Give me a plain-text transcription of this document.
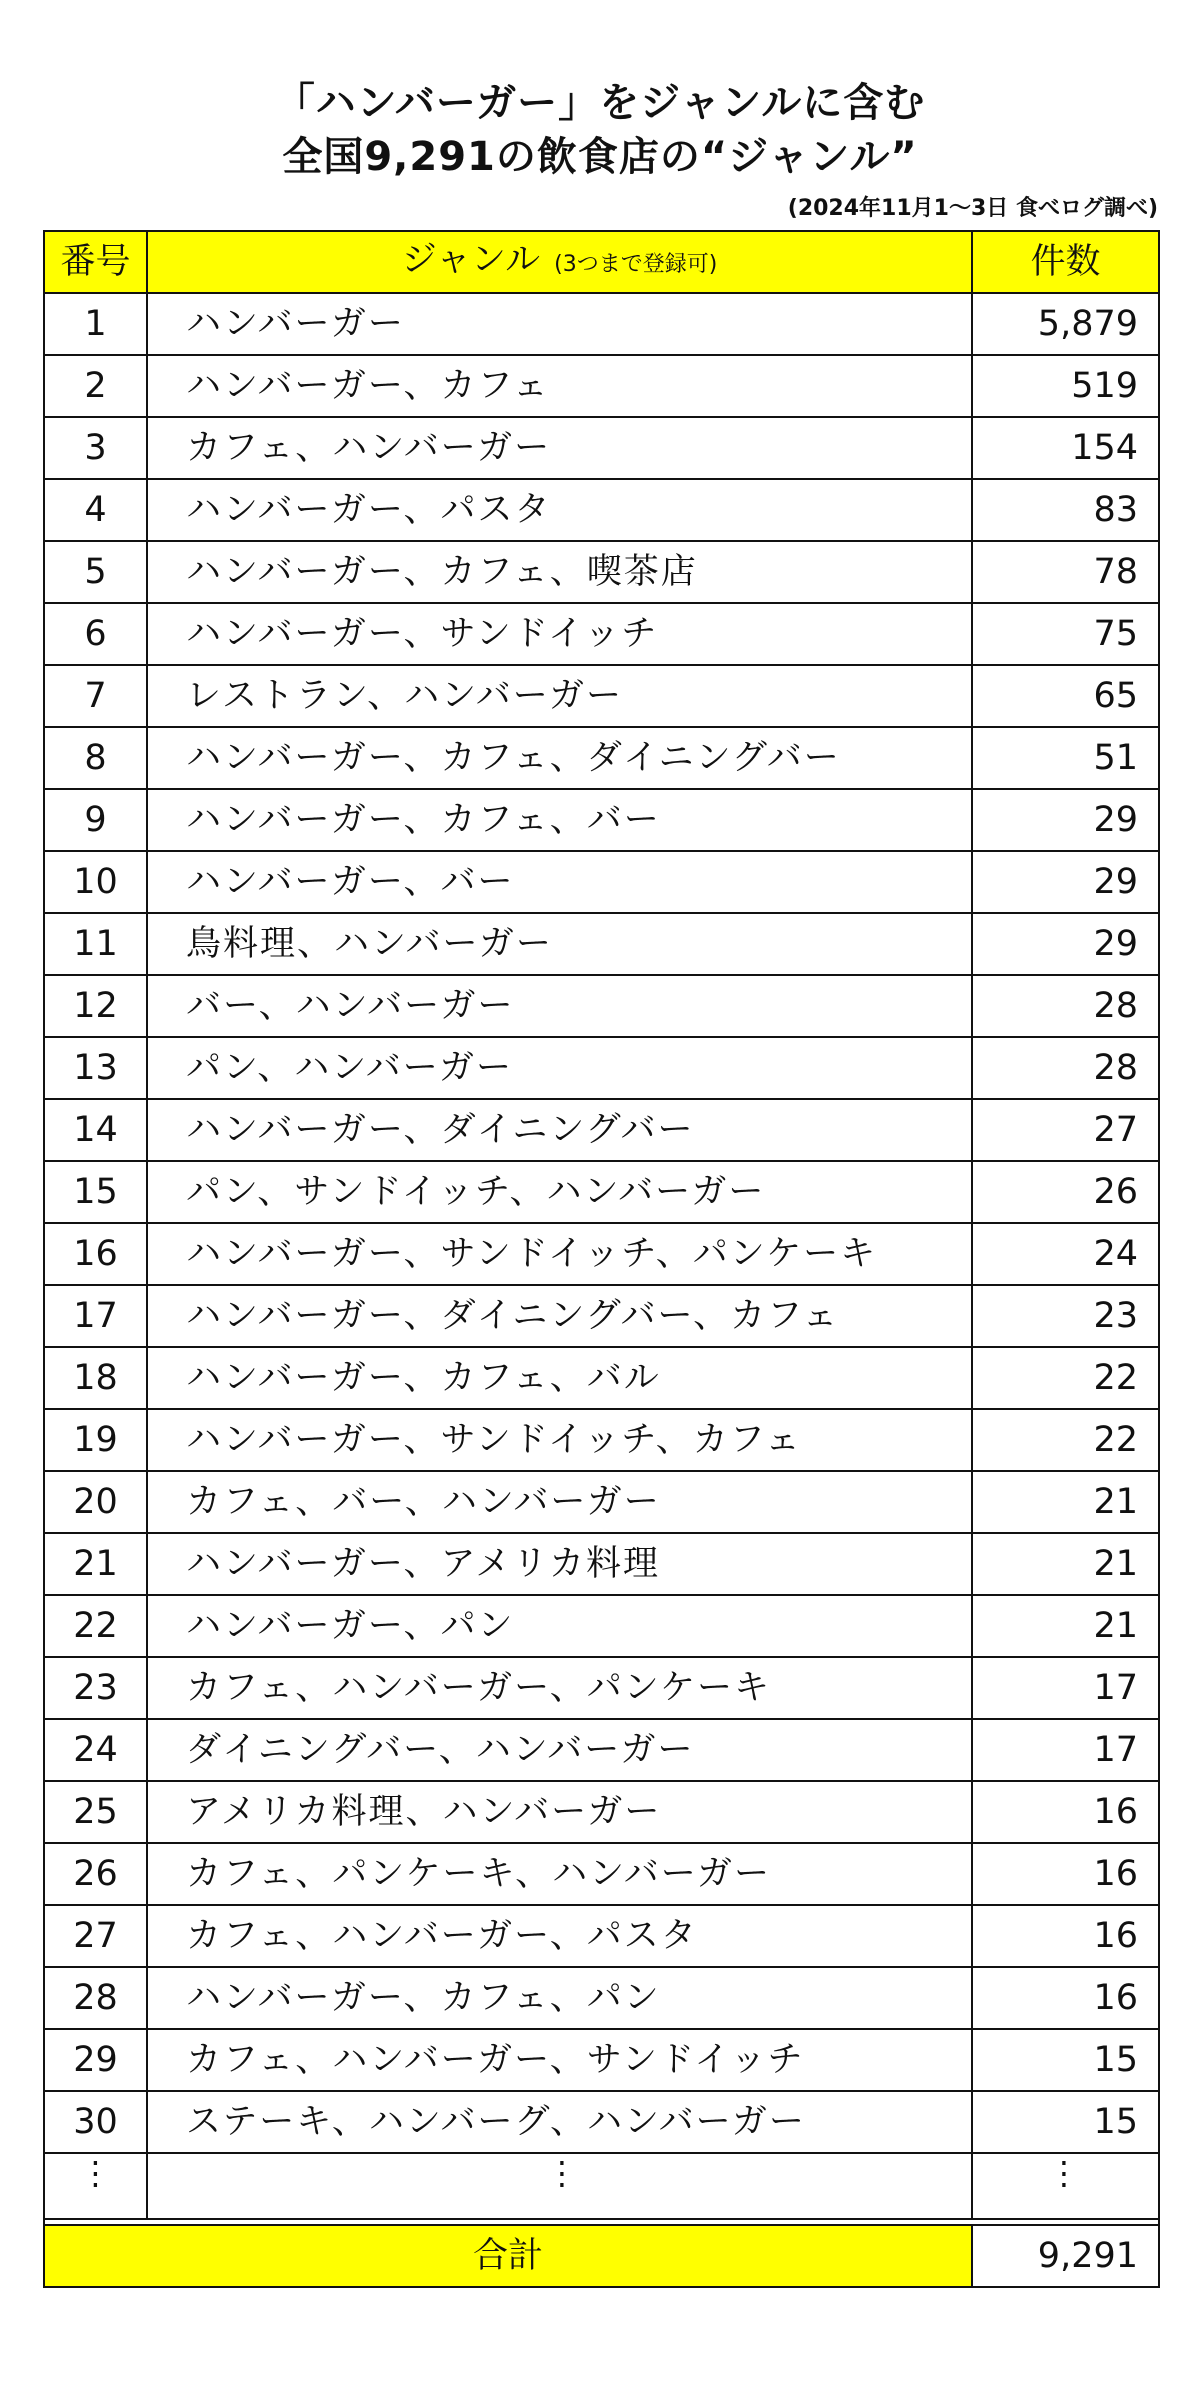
「ハンバーガー」をジャンルに含む
全国9,291の飲食店の“ジャンル”
(2024年11月1〜3日 食べログ調べ)
番号	ジャンル (3つまで登録可)	件数
1	ハンバーガー	5,879
2	ハンバーガー、カフェ	519
3	カフェ、ハンバーガー	154
4	ハンバーガー、パスタ	83
5	ハンバーガー、カフェ、喫茶店	78
6	ハンバーガー、サンドイッチ	75
7	レストラン、ハンバーガー	65
8	ハンバーガー、カフェ、ダイニングバー	51
9	ハンバーガー、カフェ、バー	29
10	ハンバーガー、バー	29
11	鳥料理、ハンバーガー	29
12	バー、ハンバーガー	28
13	パン、ハンバーガー	28
14	ハンバーガー、ダイニングバー	27
15	パン、サンドイッチ、ハンバーガー	26
16	ハンバーガー、サンドイッチ、パンケーキ	24
17	ハンバーガー、ダイニングバー、カフェ	23
18	ハンバーガー、カフェ、バル	22
19	ハンバーガー、サンドイッチ、カフェ	22
20	カフェ、バー、ハンバーガー	21
21	ハンバーガー、アメリカ料理	21
22	ハンバーガー、パン	21
23	カフェ、ハンバーガー、パンケーキ	17
24	ダイニングバー、ハンバーガー	17
25	アメリカ料理、ハンバーガー	16
26	カフェ、パンケーキ、ハンバーガー	16
27	カフェ、ハンバーガー、パスタ	16
28	ハンバーガー、カフェ、パン	16
29	カフェ、ハンバーガー、サンドイッチ	15
30	ステーキ、ハンバーグ、ハンバーガー	15
⋮	⋮	⋮

合計		9,291
